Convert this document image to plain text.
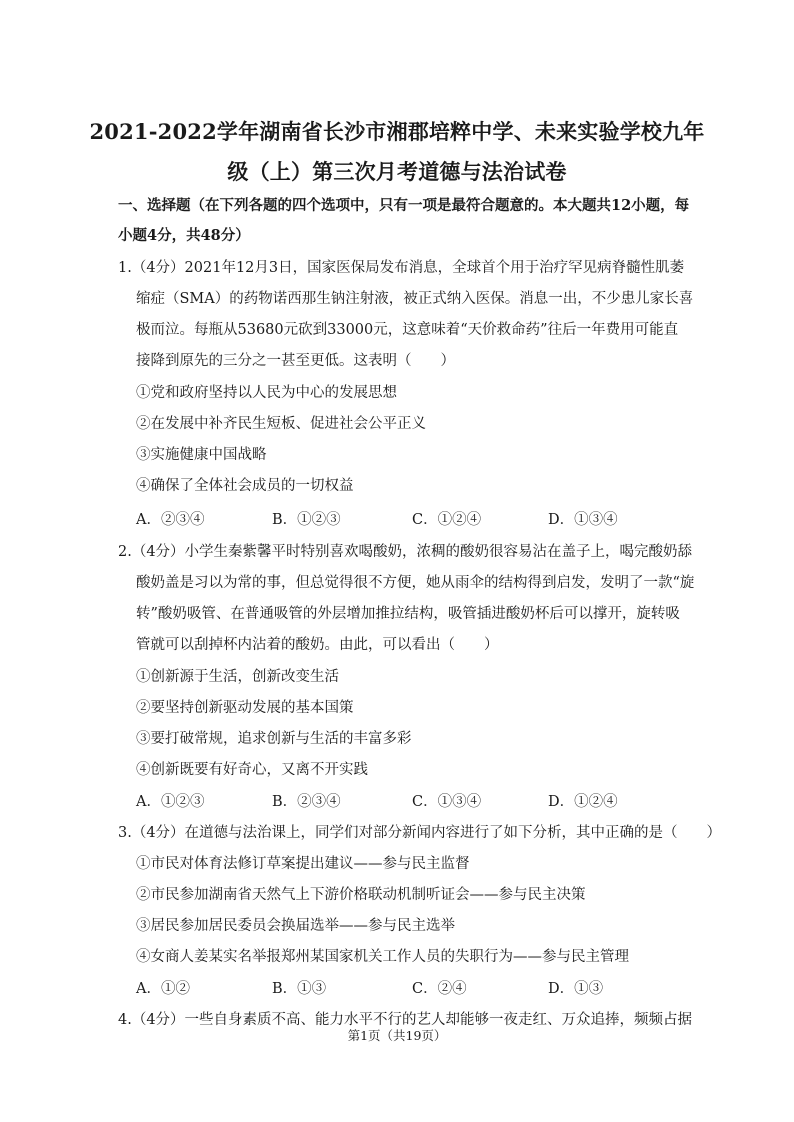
2021-2022学年湖南省长沙市湘郡培粹中学、未来实验学校九年
级（上）第三次月考道德与法治试卷
一、选择题（在下列各题的四个选项中，只有一项是最符合题意的。本大题共12小题，每小题4分，共48分）
1.（4分）2021年12月3日，国家医保局发布消息，全球首个用于治疗罕见病脊髓性肌萎
缩症（SMA）的药物诺西那生钠注射液，被正式纳入医保。消息一出，不少患儿家长喜
极而泣。每瓶从53680元砍到33000元，这意味着“天价救命药”往后一年费用可能直
接降到原先的三分之一甚至更低。这表明（　　）
①党和政府坚持以人民为中心的发展思想
②在发展中补齐民生短板、促进社会公平正义
③实施健康中国战略
④确保了全体社会成员的一切权益
A．②③④	B．①②③	C．①②④	D．①③④
2.（4分）小学生秦紫馨平时特别喜欢喝酸奶，浓稠的酸奶很容易沾在盖子上，喝完酸奶舔
酸奶盖是习以为常的事，但总觉得很不方便，她从雨伞的结构得到启发，发明了一款“旋
转”酸奶吸管、在普通吸管的外层增加推拉结构，吸管插进酸奶杯后可以撑开，旋转吸
管就可以刮掉杯内沾着的酸奶。由此，可以看出（　　）
①创新源于生活，创新改变生活
②要坚持创新驱动发展的基本国策
③要打破常规，追求创新与生活的丰富多彩
④创新既要有好奇心，又离不开实践
A．①②③	B．②③④	C．①③④	D．①②④
3.（4分）在道德与法治课上，同学们对部分新闻内容进行了如下分析，其中正确的是（　　）
①市民对体育法修订草案提出建议——参与民主监督
②市民参加湖南省天然气上下游价格联动机制听证会——参与民主决策
③居民参加居民委员会换届选举——参与民主选举
④女商人姜某实名举报郑州某国家机关工作人员的失职行为——参与民主管理
A．①②	B．①③	C．②④	D．①③
4.（4分）一些自身素质不高、能力水平不行的艺人却能够一夜走红、万众追捧，频频占据
第1页（共19页）
